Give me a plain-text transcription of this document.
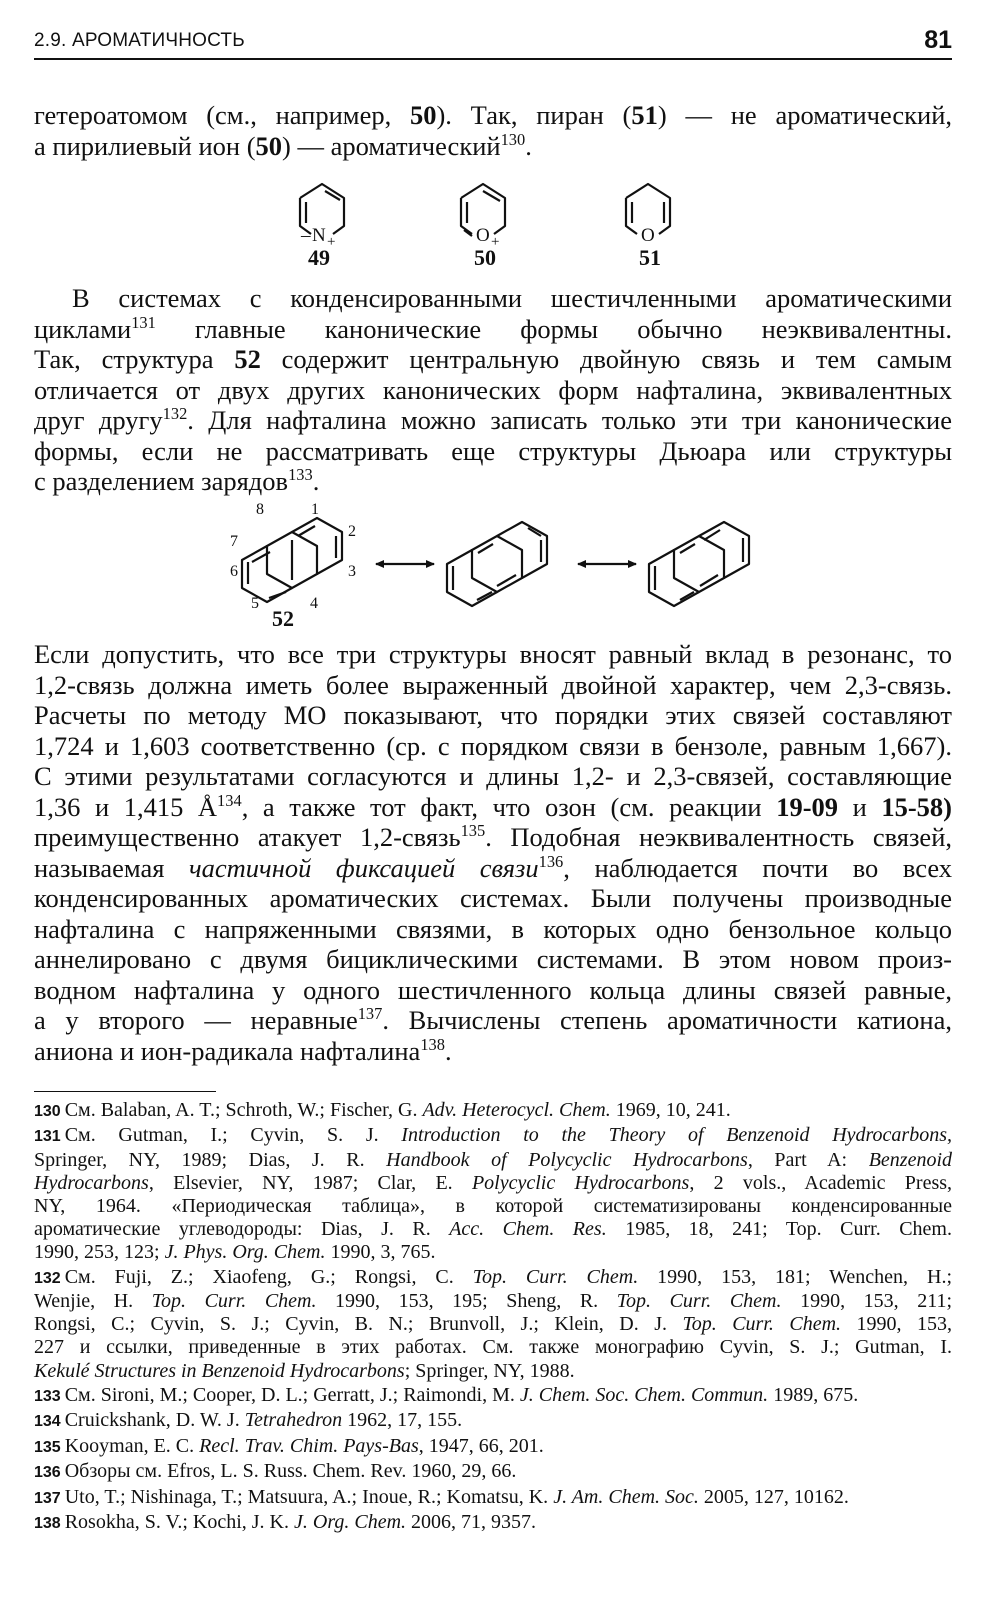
2.9. АРОМАТИЧНОСТЬ	81
гетероатомом (см., например, 50). Так, пиран (51) — не ароматический,
а пирилиевый ион (50) — ароматический$^{130}$.
– N +	O +	O
49	50	51
В системах с конденсированными шестичленными ароматическими
циклами$^{131}$ главные канонические формы обычно неэквивалентны.
Так, структура 52 содержит центральную двойную связь и тем самым
отличается от двух других канонических форм нафталина, эквивалентных
друг другу$^{132}$. Для нафталина можно записать только эти три канонические
формы, если не рассматривать еще структуры Дьюара или структуры
с разделением зарядов$^{133}$.
1
2
3
4
5
6
7
8
52
Если допустить, что все три структуры вносят равный вклад в резонанс, то
1,2-связь должна иметь более выраженный двойной характер, чем 2,3-связь.
Расчеты по методу МО показывают, что порядки этих связей составляют
1,724 и 1,603 соответственно (ср. с порядком связи в бензоле, равным 1,667).
С этими результатами согласуются и длины 1,2- и 2,3-связей, составляющие
1,36 и 1,415 $Å^{134}$, а также тот факт, что озон (см. реакции 19-09 и 15-58)
преимущественно атакует 1,2-связь$^{135}$. Подобная неэквивалентность связей,
называемая частичной фиксацией связи$^{136}$, наблюдается почти во всех
конденсированных ароматических системах. Были получены производные
нафталина с напряженными связями, в которых одно бензольное кольцо
аннелировано с двумя бициклическими системами. В этом новом произ-
водном нафталина у одного шестичленного кольца длины связей равные,
а у второго — неравные$^{137}$. Вычислены степень ароматичности катиона,
аниона и ион-радикала нафталина$^{138}$.
130 См. Balaban, A. T.; Schroth, W.; Fischer, G. Adv. Heterocycl. Chem. 1969, 10, 241.
131 См. Gutman, I.; Cyvin, S. J. Introduction to the Theory of Benzenoid Hydrocarbons,
Springer, NY, 1989; Dias, J. R. Handbook of Polycyclic Hydrocarbons, Part A: Benzenoid
Hydrocarbons, Elsevier, NY, 1987; Clar, E. Polycyclic Hydrocarbons, 2 vols., Academic Press,
NY, 1964. «Периодическая таблица», в которой систематизированы конденсированные
ароматические углеводороды: Dias, J. R. Acc. Chem. Res. 1985, 18, 241; Top. Curr. Chem.
1990, 253, 123; J. Phys. Org. Chem. 1990, 3, 765.
132 См. Fuji, Z.; Xiaofeng, G.; Rongsi, C. Top. Curr. Chem. 1990, 153, 181; Wenchen, H.;
Wenjie, H. Top. Curr. Chem. 1990, 153, 195; Sheng, R. Top. Curr. Chem. 1990, 153, 211;
Rongsi, C.; Cyvin, S. J.; Cyvin, B. N.; Brunvoll, J.; Klein, D. J. Top. Curr. Chem. 1990, 153,
227 и ссылки, приведенные в этих работах. См. также монографию Cyvin, S. J.; Gutman, I.
Kekulé Structures in Benzenoid Hydrocarbons; Springer, NY, 1988.
133 См. Sironi, M.; Cooper, D. L.; Gerratt, J.; Raimondi, M. J. Chem. Soc. Chem. Commun. 1989, 675.
134 Cruickshank, D. W. J. Tetrahedron 1962, 17, 155.
135 Kooyman, E. C. Recl. Trav. Chim. Pays-Bas, 1947, 66, 201.
136 Обзоры см. Efros, L. S. Russ. Chem. Rev. 1960, 29, 66.
137 Uto, T.; Nishinaga, T.; Matsuura, A.; Inoue, R.; Komatsu, K. J. Am. Chem. Soc. 2005, 127, 10162.
138 Rosokha, S. V.; Kochi, J. K. J. Org. Chem. 2006, 71, 9357.
